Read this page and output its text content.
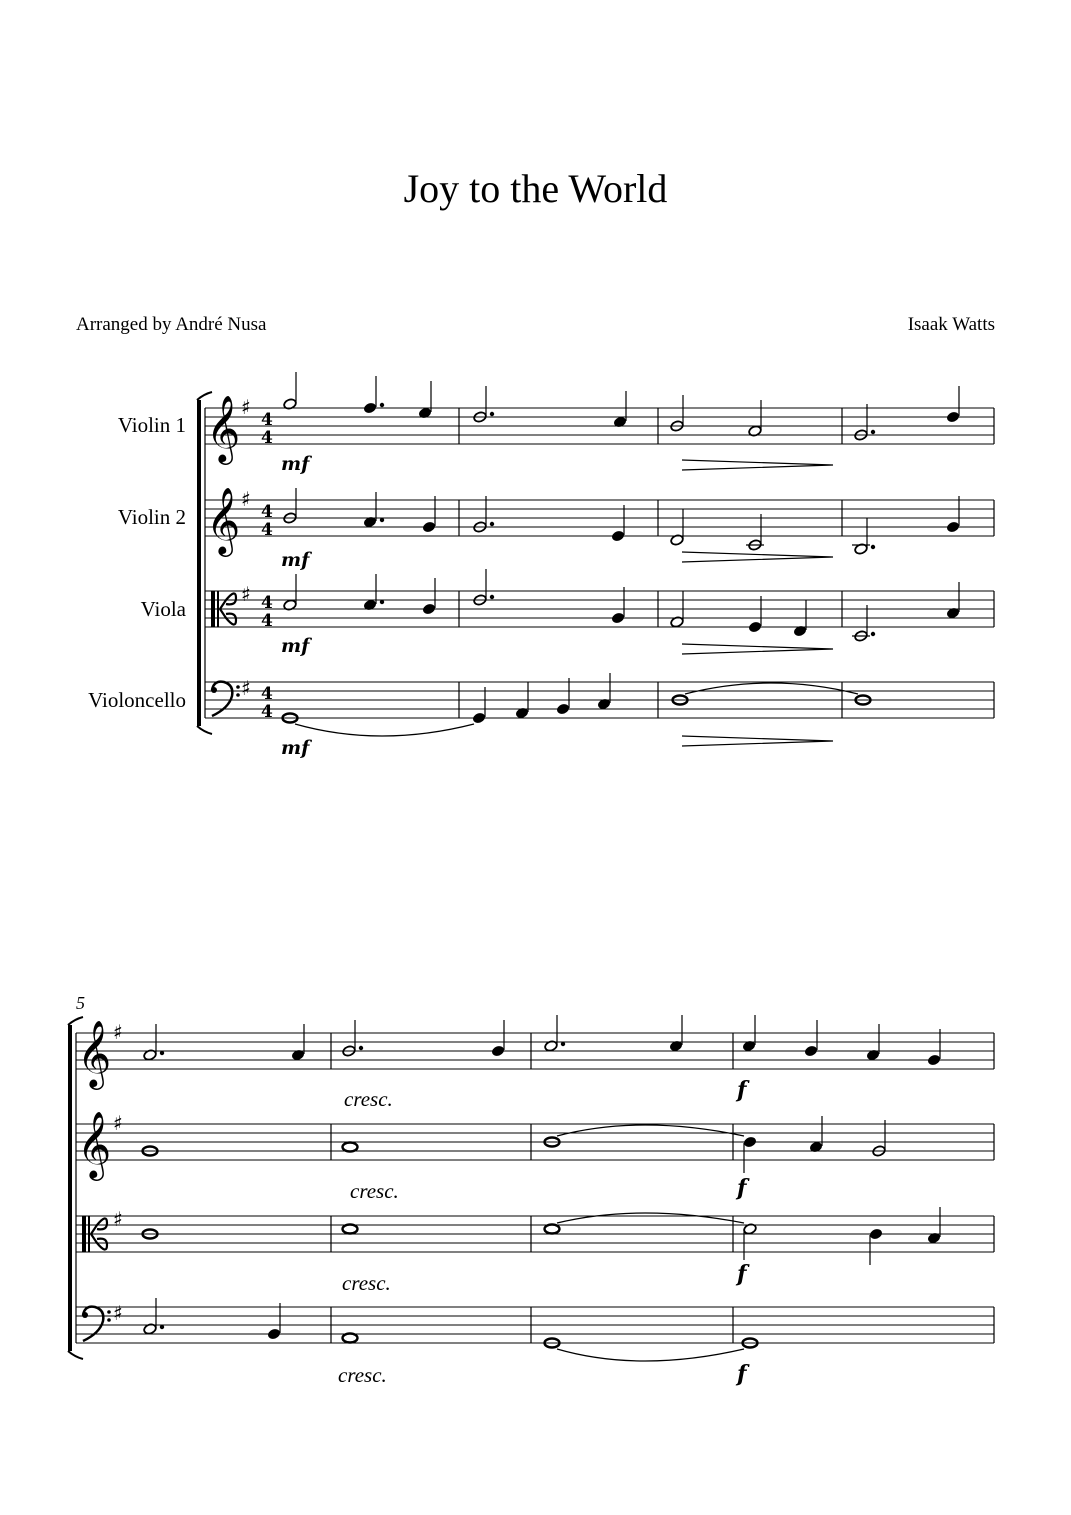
Joy to the World
Arranged by André Nusa	Isaak Watts
Violin 1
Violin 2
Viola
Violoncello
𝄞
𝄞
♯
♯
♯
♯
4
4
4
4
4
4
4
4
mf
mf
mf
mf
5
𝄞
𝄞
♯
♯
♯
♯
cresc.	f
cresc.	f
cresc.	f
cresc.	f
